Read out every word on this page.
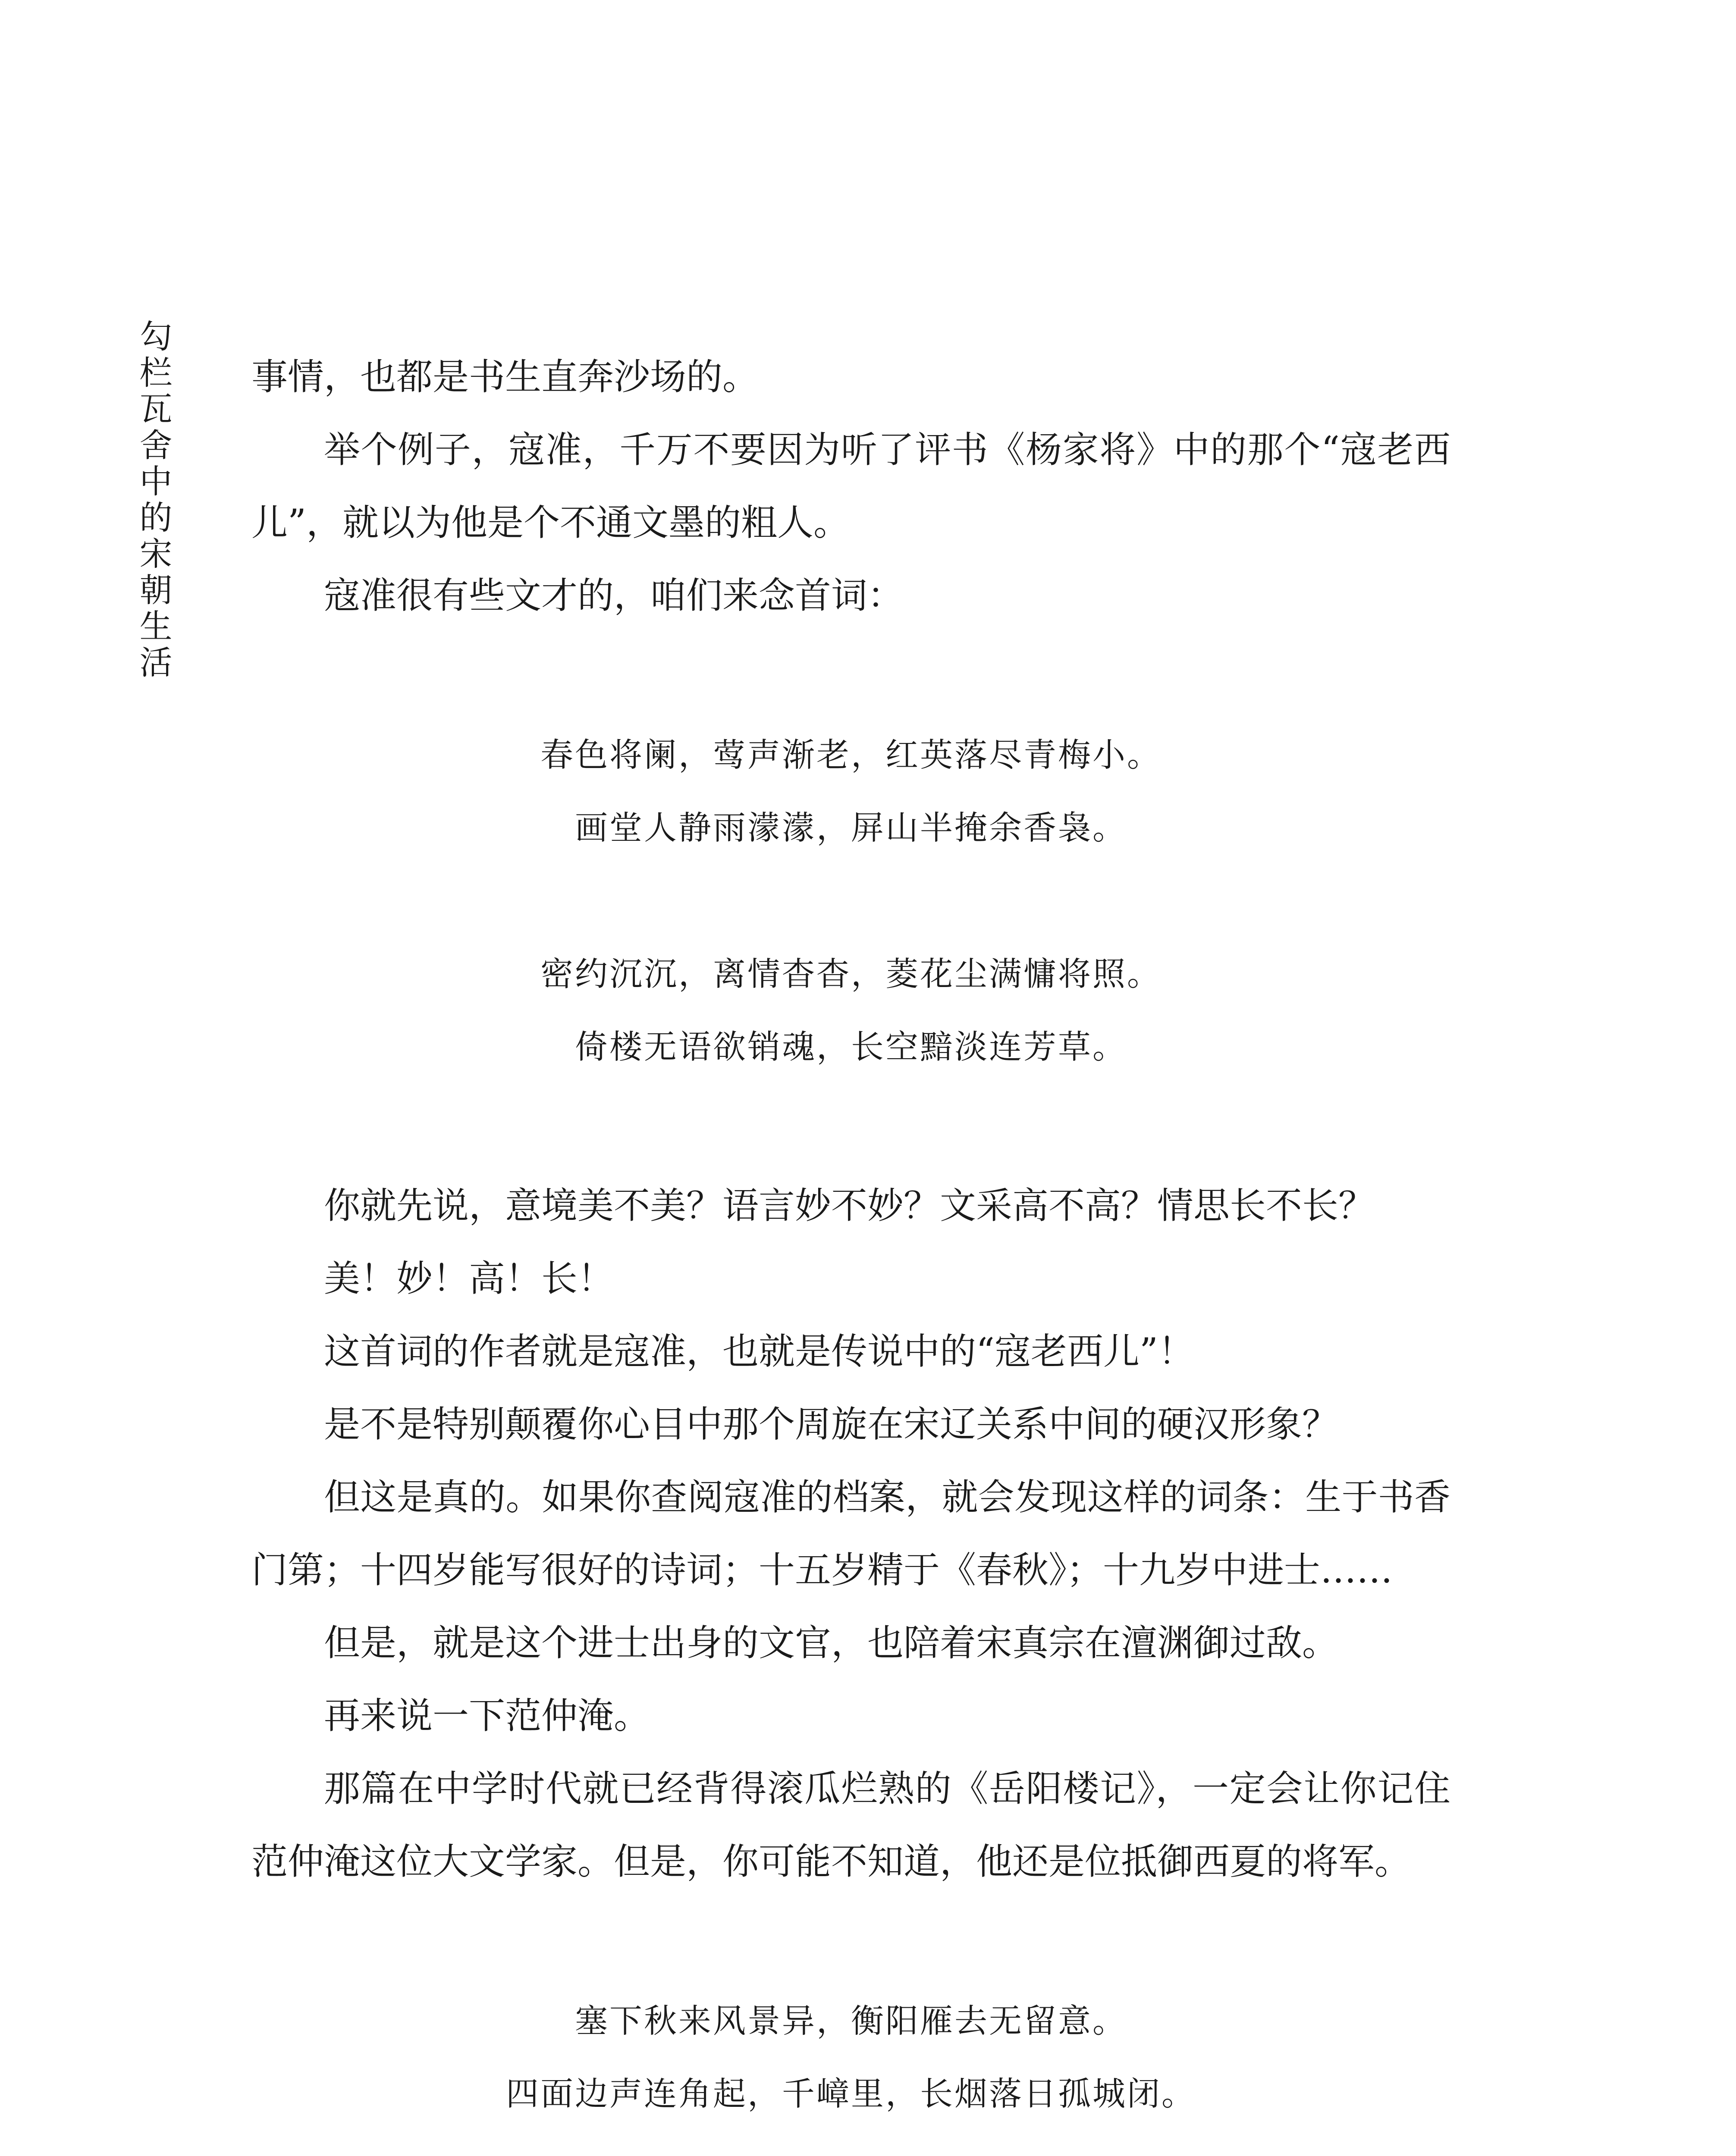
勾栏瓦舍中的宋朝生活 事情，也都是书生直奔沙场的。

举个例子，寇准，千万不要因为听了评书《杨家将》中的那个“寇老西儿”，就以为他是个不通文墨的粗人。

寇准很有些文才的，咱们来念首词：

春色将阑，莺声渐老，红英落尽青梅小。

画堂人静雨濛濛，屏山半掩余香袅。

密约沉沉，离情杳杳，菱花尘满慵将照。

倚楼无语欲销魂，长空黯淡连芳草。

你就先说，意境美不美？语言妙不妙？文采高不高？情思长不长？

美！妙！高！长！

这首词的作者就是寇准，也就是传说中的“寇老西儿”！

是不是特别颠覆你心目中那个周旋在宋辽关系中间的硬汉形象？

但这是真的。如果你查阅寇准的档案，就会发现这样的词条：生于书香门第；十四岁能写很好的诗词；十五岁精于《春秋》；十九岁中进士……

但是，就是这个进士出身的文官，也陪着宋真宗在澶渊御过敌。

再来说一下范仲淹。

那篇在中学时代就已经背得滚瓜烂熟的《岳阳楼记》，一定会让你记住范仲淹这位大文学家。但是，你可能不知道，他还是位抵御西夏的将军。

塞下秋来风景异，衡阳雁去无留意。

四面边声连角起，千嶂里，长烟落日孤城闭。
